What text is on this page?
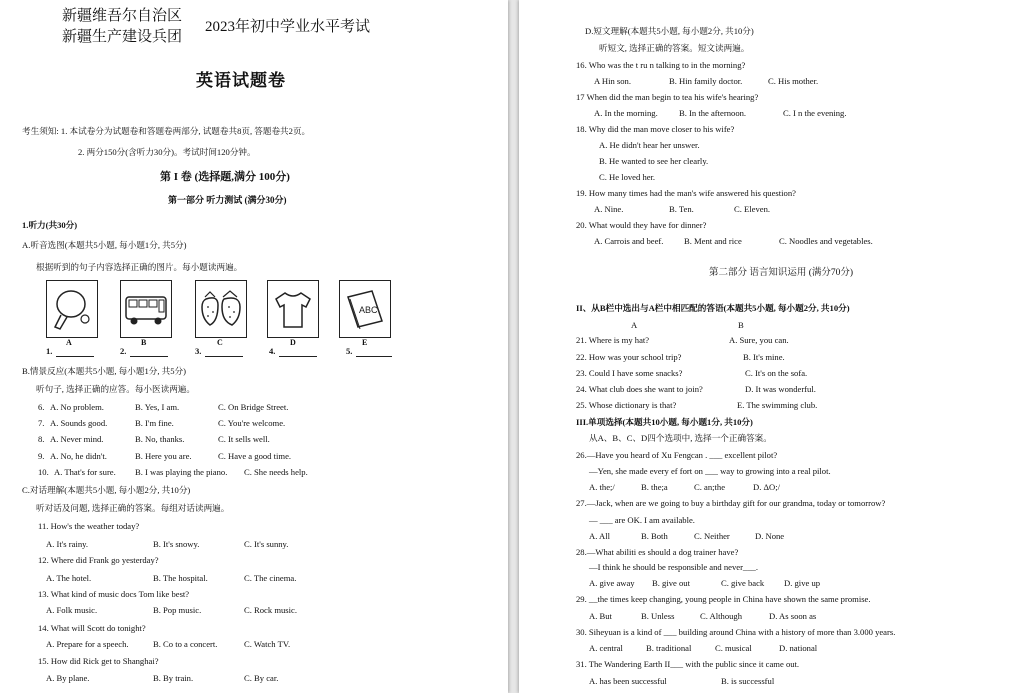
新疆维吾尔自治区
新疆生产建设兵团
2023年初中学业水平考试
英语试题卷
考生须知: 1. 本试卷分为试题卷和答题卷两部分, 试题卷共8页, 答题卷共2页。
2. 两分150分(含听力30分)。考试时间120分钟。
第 I 卷 (选择题,满分 100分)
第一部分 听力测试 (满分30分)
1.听力(共30分)
A.听音选图(本题共5小题, 每小题1分, 共5分)
根据听到的句子内容选择正确的图片。每小题读两遍。
ABC
A	B	C	D	E
1.	2.	3.	4.	5.
B.情景反应(本题共5小题, 每小题1分, 共5分)
听句子, 选择正确的应答。每小医读两遍。
6. A. No problem.	B. Yes, I am.	C. On Bridge Street.
7. A. Sounds good.	B. I'm fine.	C. You're welcome.
8. A. Never mind.	B. No, thanks.	C. It sells well.
9. A. No, he didn't.	B. Here you are.	C. Have a good time.
10. A. That's for sure. B. I was playing the piano. C. She needs help.
C.对话理解(本题共5小题, 每小题2分, 共10分)
听对话及问题, 选择正确的答案。每组对话读两遍。
11. How's the weather today?
A. It's rainy.	B. It's snowy.	C. It's sunny.
12. Where did Frank go yesterday?
A. The hotel.	B. The hospital.	C. The cinema.
13. What kind of music docs Tom like best?
A. Folk music.	B. Pop music.	C. Rock music.
14. What will Scott do tonight?
A. Prepare for a speech.	B. Co to a concert.	C. Watch TV.
15. How did Rick get to Shanghai?
A. By plane.	B. By train.	C. By car.
D.短文理解(本题共5小题, 每小题2分, 共10分)
听短文, 选择正确的答案。短文读两遍。
16. Who was the t ru n talking to in the morning?
A Hin son.	B. Hin family doctor.	C. His mother.
17 When did the man begin to tea his wife's hearing?
A. In the morning. B. In the afternoon.	C. I n the evening.
18. Why did the man move closer to his wife?
A. He didn't hear her unswer.
B. He wanted to see her clearly.
C. He loved her.
19. How many times had the man's wife answered his question?
A. Nine.	B. Ten.	C. Eleven.
20. What would they have for dinner?
A. Carrois and beef. B. Ment and rice	C. Noodles and vegetables.
第二部分 语言知识运用 (满分70分)
II、从B栏中选出与A栏中相匹配的答语(本题共5小题, 每小题2分, 共10分)
A	B
21. Where is my hat?	A. Sure, you can.
22. How was your school trip?	B. It's mine.
23. Could I have some snacks?	C. It's on the sofa.
24. What club does she want to join?	D. It was wonderful.
25. Whose dictionary is that?	E. The swimming club.
III.单项选择(本题共10小题, 每小题1分, 共10分)
从A、B、C、D四个选项中, 选择一个正确答案。
26.—Have you heard of Xu Fengcan . ___ excellent pilot?
—Yen, she made every ef fort on ___ way to growing into a real pilot.
A. the;/	B. the;a	C. an;the	D. ΔO;/
27.—Jack, when are we going to buy a birthday gift for our grandma, today or tomorrow?
— ___ are OK. I am available.
A. All	B. Both	C. Neither	D. None
28.—What abiliti es should a dog trainer have?
—I think he should be responsible and never___.
A. give away B. give out	C. give back D. give up
29. __the times keep changing, young people in China have shown the same promise.
A. But	B. Unless	C. Although	D. As soon as
30. Siheyuan is a kind of ___ building around China with a history of more than 3.000 years.
A. central	B. traditional	C. musical	D. national
31. The Wandering Earth II___ with the public since it came out.
A. has been successful	B. is successful
